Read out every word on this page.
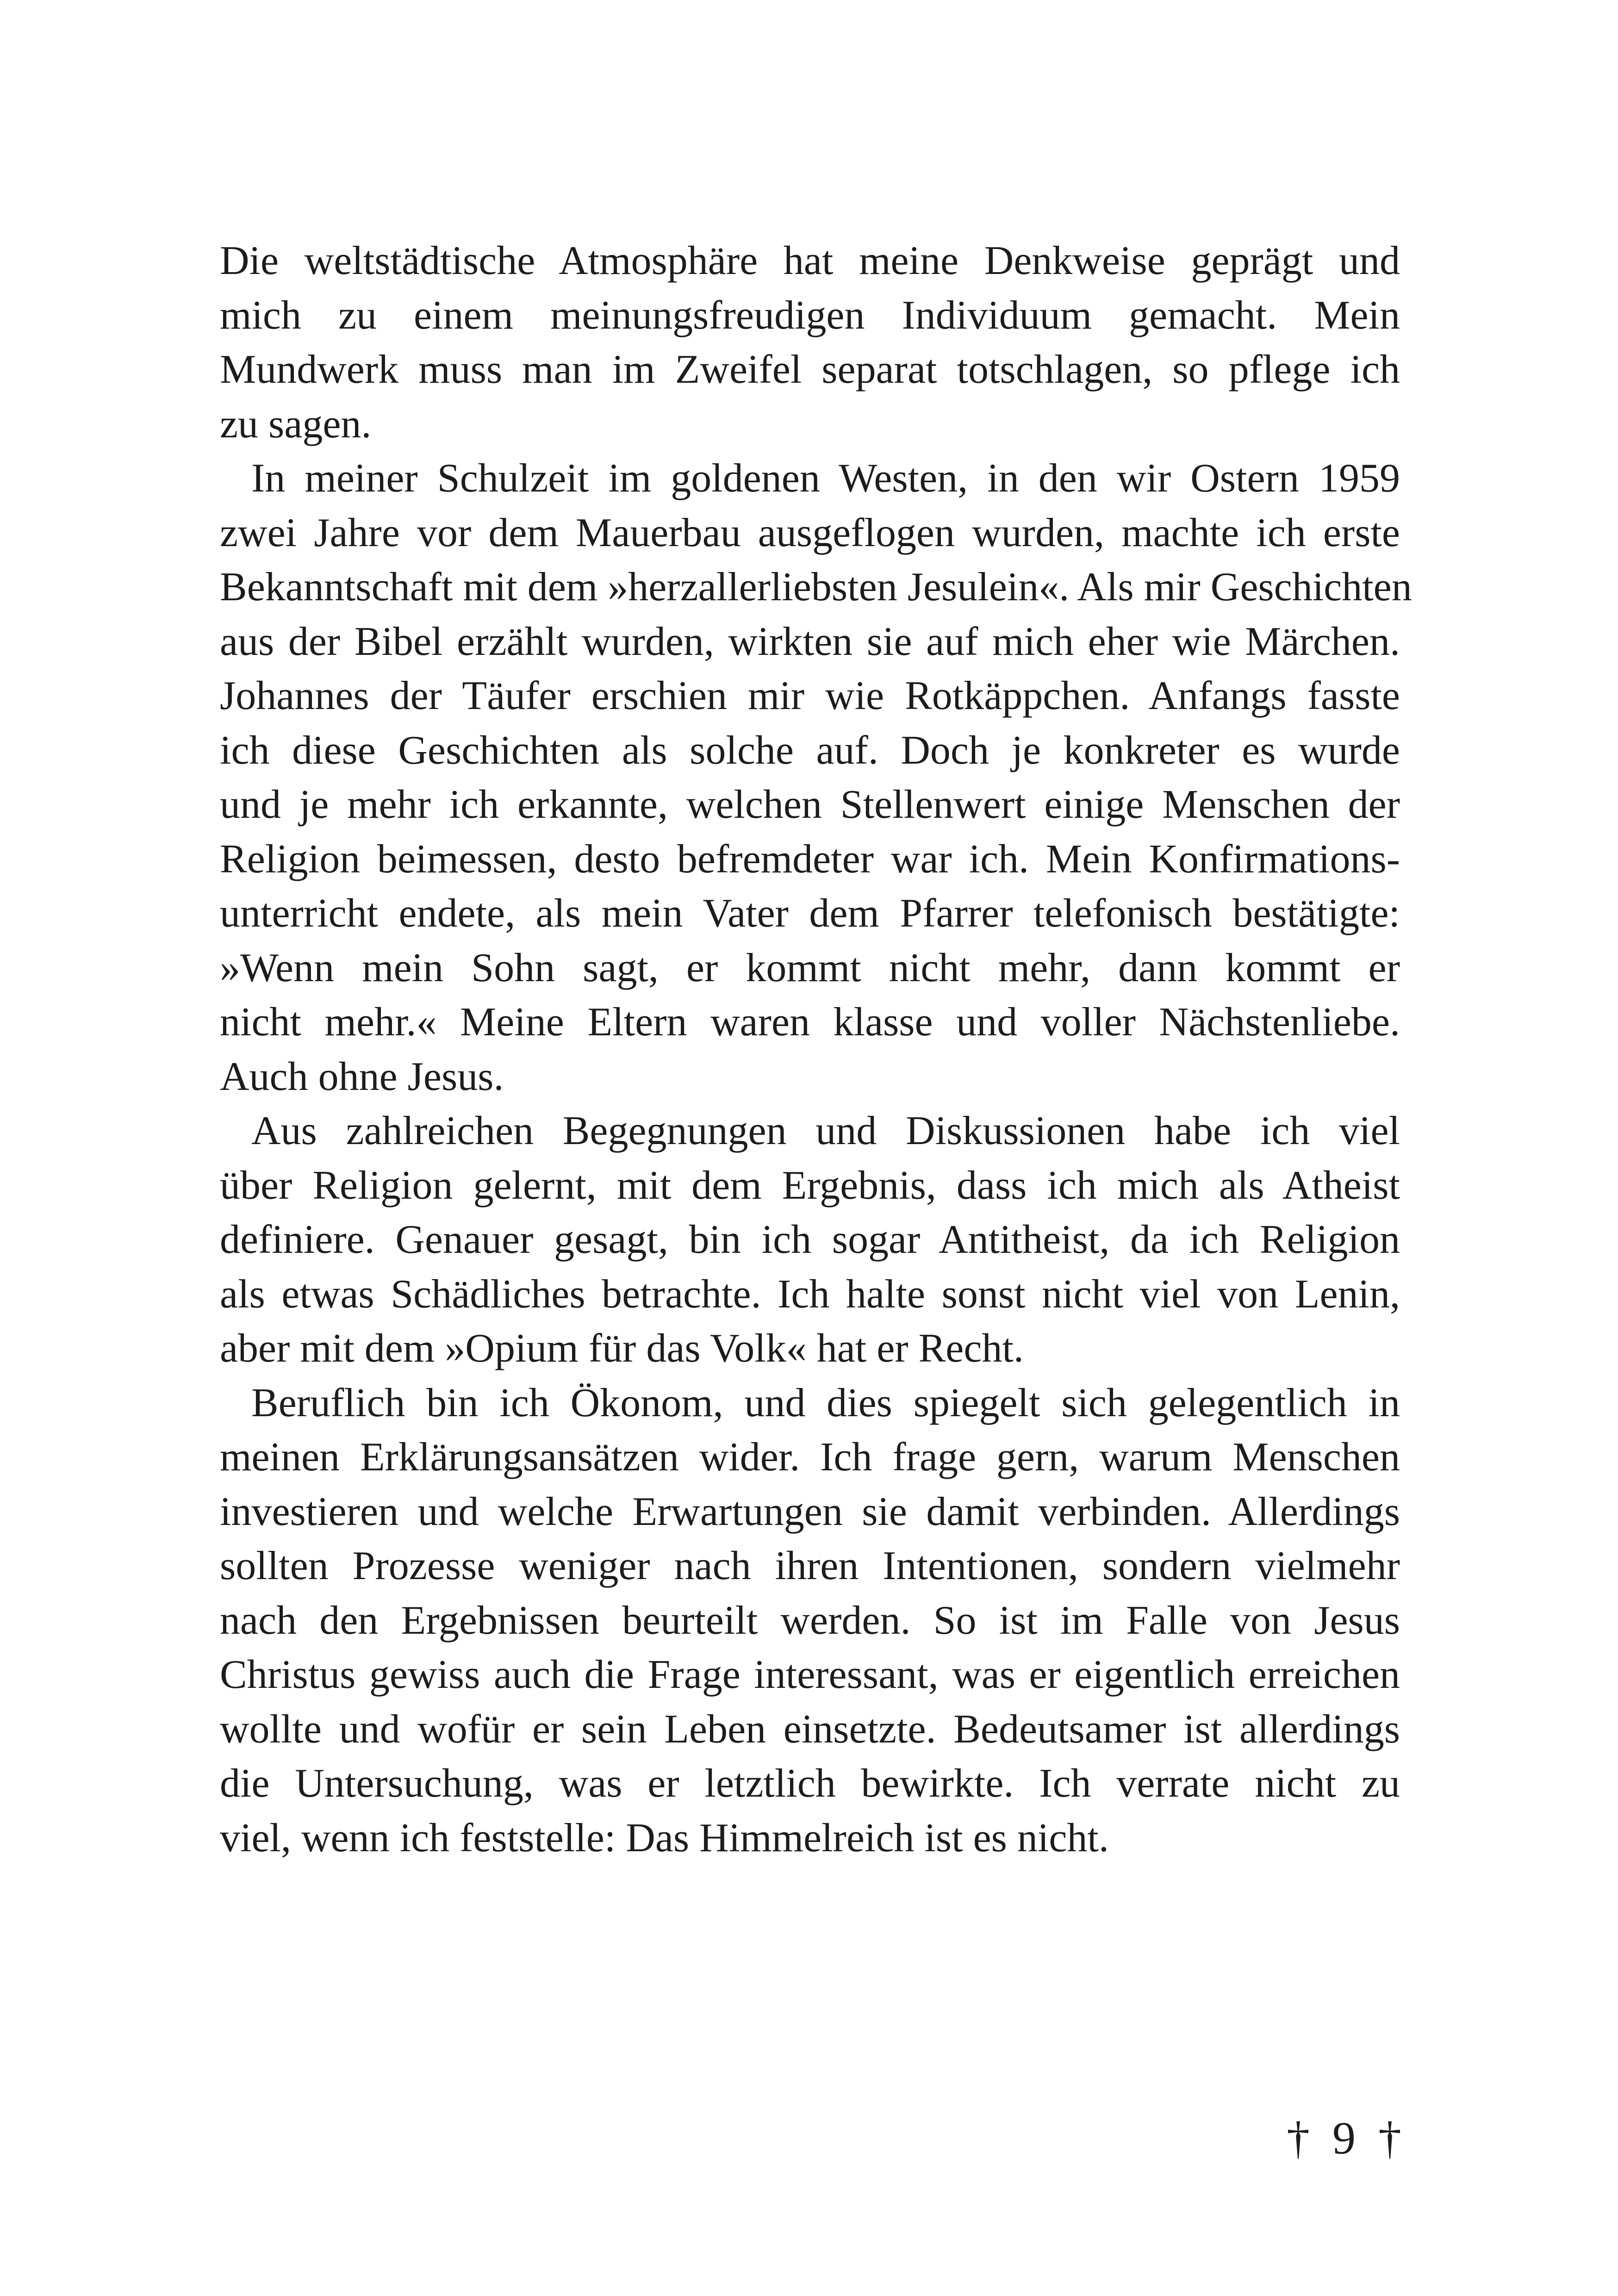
Die weltstädtische Atmosphäre hat meine Denkweise geprägt und
mich zu einem meinungsfreudigen Individuum gemacht. Mein
Mundwerk muss man im Zweifel separat totschlagen, so pflege ich
zu sagen.

In meiner Schulzeit im goldenen Westen, in den wir Ostern 1959
zwei Jahre vor dem Mauerbau ausgeflogen wurden, machte ich erste
Bekanntschaft mit dem »herzallerliebsten Jesulein«. Als mir Geschichten
aus der Bibel erzählt wurden, wirkten sie auf mich eher wie Märchen.
Johannes der Täufer erschien mir wie Rotkäppchen. Anfangs fasste
ich diese Geschichten als solche auf. Doch je konkreter es wurde
und je mehr ich erkannte, welchen Stellenwert einige Menschen der
Religion beimessen, desto befremdeter war ich. Mein Konfirmations-
unterricht endete, als mein Vater dem Pfarrer telefonisch bestätigte:
»Wenn mein Sohn sagt, er kommt nicht mehr, dann kommt er
nicht mehr.« Meine Eltern waren klasse und voller Nächstenliebe.
Auch ohne Jesus.

Aus zahlreichen Begegnungen und Diskussionen habe ich viel
über Religion gelernt, mit dem Ergebnis, dass ich mich als Atheist
definiere. Genauer gesagt, bin ich sogar Antitheist, da ich Religion
als etwas Schädliches betrachte. Ich halte sonst nicht viel von Lenin,
aber mit dem »Opium für das Volk« hat er Recht.

Beruflich bin ich Ökonom, und dies spiegelt sich gelegentlich in
meinen Erklärungsansätzen wider. Ich frage gern, warum Menschen
investieren und welche Erwartungen sie damit verbinden. Allerdings
sollten Prozesse weniger nach ihren Intentionen, sondern vielmehr
nach den Ergebnissen beurteilt werden. So ist im Falle von Jesus
Christus gewiss auch die Frage interessant, was er eigentlich erreichen
wollte und wofür er sein Leben einsetzte. Bedeutsamer ist allerdings
die Untersuchung, was er letztlich bewirkte. Ich verrate nicht zu
viel, wenn ich feststelle: Das Himmelreich ist es nicht.

† 9 †
